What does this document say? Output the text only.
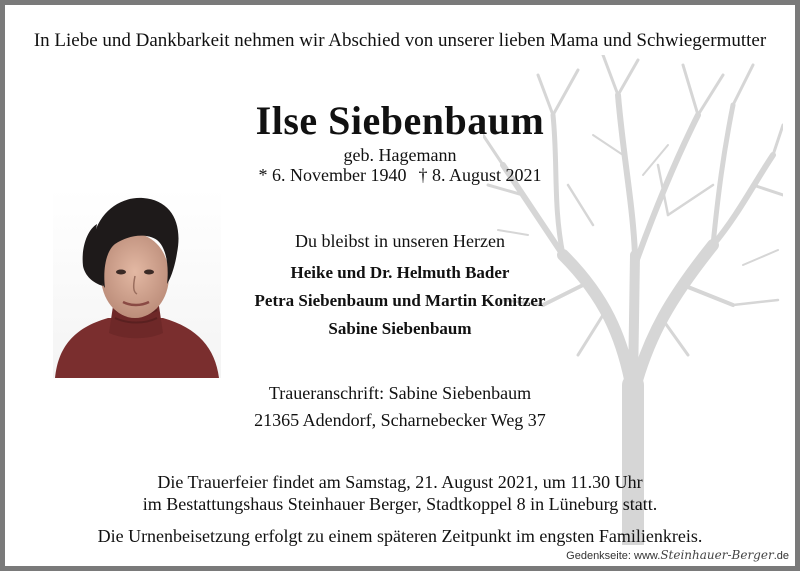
In Liebe und Dankbarkeit nehmen wir Abschied von unserer lieben Mama und Schwiegermutter
Ilse Siebenbaum
geb. Hagemann
* 6. November 1940 † 8. August 2021
Du bleibst in unseren Herzen
Heike und Dr. Helmuth Bader
Petra Siebenbaum und Martin Konitzer
Sabine Siebenbaum
Traueranschrift: Sabine Siebenbaum
21365 Adendorf, Scharnebecker Weg 37
Die Trauerfeier findet am Samstag, 21. August 2021, um 11.30 Uhr
im Bestattungshaus Steinhauer Berger, Stadtkoppel 8 in Lüneburg statt.
Die Urnenbeisetzung erfolgt zu einem späteren Zeitpunkt im engsten Familienkreis.
Gedenkseite: www.Steinhauer-Berger.de
